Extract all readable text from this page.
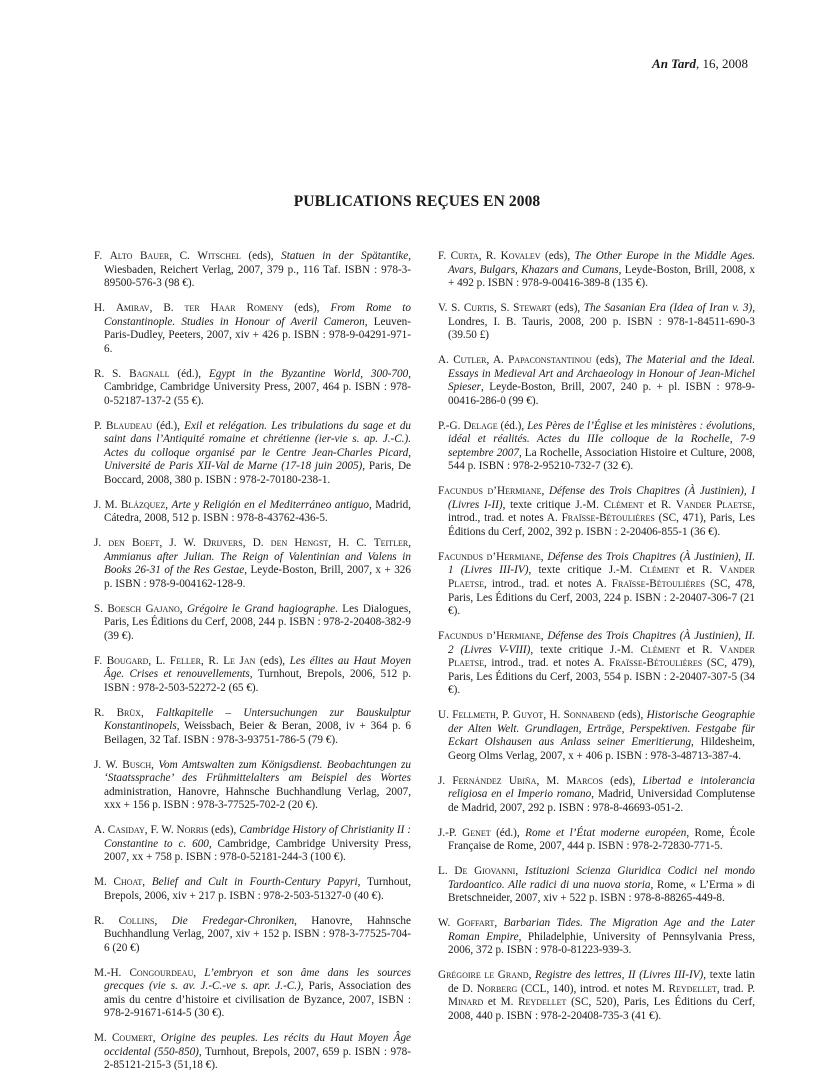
An Tard, 16, 2008
PUBLICATIONS REÇUES EN 2008

F. Alto Bauer, C. Witschel (eds), Statuen in der Spätantike, Wiesbaden, Reichert Verlag, 2007, 379 p., 116 Taf. ISBN : 978-3-89500-576-3 (98 €).

H. Amirav, B. ter Haar Romeny (eds), From Rome to Constantinople. Studies in Honour of Averil Cameron, Leuven-Paris-Dudley, Peeters, 2007, xiv + 426 p. ISBN : 978-9-04291-971-6.

R. S. Bagnall (éd.), Egypt in the Byzantine World, 300-700, Cambridge, Cambridge University Press, 2007, 464 p. ISBN : 978-0-52187-137-2 (55 €).

P. Blaudeau (éd.), Exil et relégation. Les tribulations du sage et du saint dans l’Antiquité romaine et chrétienne (ier-vie s. ap. J.-C.). Actes du colloque organisé par le Centre Jean-Charles Picard, Université de Paris XII-Val de Marne (17-18 juin 2005), Paris, De Boccard, 2008, 380 p. ISBN : 978-2-70180-238-1.

J. M. Blázquez, Arte y Religión en el Mediterráneo antiguo, Madrid, Cátedra, 2008, 512 p. ISBN : 978-8-43762-436-5.

J. den Boeft, J. W. Drijvers, D. den Hengst, H. C. Teitler, Ammianus after Julian. The Reign of Valentinian and Valens in Books 26-31 of the Res Gestae, Leyde-Boston, Brill, 2007, x + 326 p. ISBN : 978-9-004162-128-9.

S. Boesch Gajano, Grégoire le Grand hagiographe. Les Dialogues, Paris, Les Éditions du Cerf, 2008, 244 p. ISBN : 978-2-20408-382-9 (39 €).

F. Bougard, L. Feller, R. Le Jan (eds), Les élites au Haut Moyen Âge. Crises et renouvellements, Turnhout, Brepols, 2006, 512 p. ISBN : 978-2-503-52272-2 (65 €).

R. Brüx, Faltkapitelle – Untersuchungen zur Bauskulptur Konstantinopels, Weissbach, Beier & Beran, 2008, iv + 364 p. 6 Beilagen, 32 Taf. ISBN : 978-3-93751-786-5 (79 €).

J. W. Busch, Vom Amtswalten zum Königsdienst. Beobachtungen zu ‘Staatssprache’ des Frühmittelalters am Beispiel des Wortes administration, Hanovre, Hahnsche Buchhandlung Verlag, 2007, xxx + 156 p. ISBN : 978-3-77525-702-2 (20 €).

A. Casiday, F. W. Norris (eds), Cambridge History of Christianity II : Constantine to c. 600, Cambridge, Cambridge University Press, 2007, xx + 758 p. ISBN : 978-0-52181-244-3 (100 €).

M. Choat, Belief and Cult in Fourth-Century Papyri, Turnhout, Brepols, 2006, xiv + 217 p. ISBN : 978-2-503-51327-0 (40 €).

R. Collins, Die Fredegar-Chroniken, Hanovre, Hahnsche Buchhandlung Verlag, 2007, xiv + 152 p. ISBN : 978-3-77525-704-6 (20 €)

M.-H. Congourdeau, L’embryon et son âme dans les sources grecques (vie s. av. J.-C.-ve s. apr. J.-C.), Paris, Association des amis du centre d’histoire et civilisation de Byzance, 2007, ISBN : 978-2-91671-614-5 (30 €).

M. Coumert, Origine des peuples. Les récits du Haut Moyen Âge occidental (550-850), Turnhout, Brepols, 2007, 659 p. ISBN : 978-2-85121-215-3 (51,18 €).

F. Curta, R. Kovalev (eds), The Other Europe in the Middle Ages. Avars, Bulgars, Khazars and Cumans, Leyde-Boston, Brill, 2008, x + 492 p. ISBN : 978-9-00416-389-8 (135 €).

V. S. Curtis, S. Stewart (eds), The Sasanian Era (Idea of Iran v. 3), Londres, I. B. Tauris, 2008, 200 p. ISBN : 978-1-84511-690-3 (39.50 £)

A. Cutler, A. Papaconstantinou (eds), The Material and the Ideal. Essays in Medieval Art and Archaeology in Honour of Jean-Michel Spieser, Leyde-Boston, Brill, 2007, 240 p. + pl. ISBN : 978-9-00416-286-0 (99 €).

P.-G. Delage (éd.), Les Pères de l’Église et les ministères : évolutions, idéal et réalités. Actes du IIIe colloque de la Rochelle, 7-9 septembre 2007, La Rochelle, Association Histoire et Culture, 2008, 544 p. ISBN : 978-2-95210-732-7 (32 €).

Facundus d’Hermiane, Défense des Trois Chapitres (À Justinien), I (Livres I-II), texte critique J.-M. Clément et R. Vander Plaetse, introd., trad. et notes A. Fraïsse-Bétoulières (SC, 471), Paris, Les Éditions du Cerf, 2002, 392 p. ISBN : 2-20406-855-1 (36 €).

Facundus d’Hermiane, Défense des Trois Chapitres (À Justinien), II. 1 (Livres III-IV), texte critique J.-M. Clément et R. Vander Plaetse, introd., trad. et notes A. Fraïsse-Bétoulières (SC, 478, Paris, Les Éditions du Cerf, 2003, 224 p. ISBN : 2-20407-306-7 (21 €).

Facundus d’Hermiane, Défense des Trois Chapitres (À Justinien), II. 2 (Livres V-VIII), texte critique J.-M. Clément et R. Vander Plaetse, introd., trad. et notes A. Fraïsse-Bétoulières (SC, 479), Paris, Les Éditions du Cerf, 2003, 554 p. ISBN : 2-20407-307-5 (34 €).

U. Fellmeth, P. Guyot, H. Sonnabend (eds), Historische Geographie der Alten Welt. Grundlagen, Erträge, Perspektiven. Festgabe für Eckart Olshausen aus Anlass seiner Emeritierung, Hildesheim, Georg Olms Verlag, 2007, x + 406 p. ISBN : 978-3-48713-387-4.

J. Fernández Ubiña, M. Marcos (eds), Libertad e intolerancia religiosa en el Imperio romano, Madrid, Universidad Complutense de Madrid, 2007, 292 p. ISBN : 978-8-46693-051-2.

J.-P. Genet (éd.), Rome et l’État moderne européen, Rome, École Française de Rome, 2007, 444 p. ISBN : 978-2-72830-771-5.

L. De Giovanni, Istituzioni Scienza Giuridica Codici nel mondo Tardoantico. Alle radici di una nuova storia, Rome, « L’Erma » di Bretschneider, 2007, xiv + 522 p. ISBN : 978-8-88265-449-8.

W. Goffart, Barbarian Tides. The Migration Age and the Later Roman Empire, Philadelphie, University of Pennsylvania Press, 2006, 372 p. ISBN : 978-0-81223-939-3.

Grégoire le Grand, Registre des lettres, II (Livres III-IV), texte latin de D. Norberg (CCL, 140), introd. et notes M. Reydellet, trad. P. Minard et M. Reydellet (SC, 520), Paris, Les Éditions du Cerf, 2008, 440 p. ISBN : 978-2-20408-735-3 (41 €).
